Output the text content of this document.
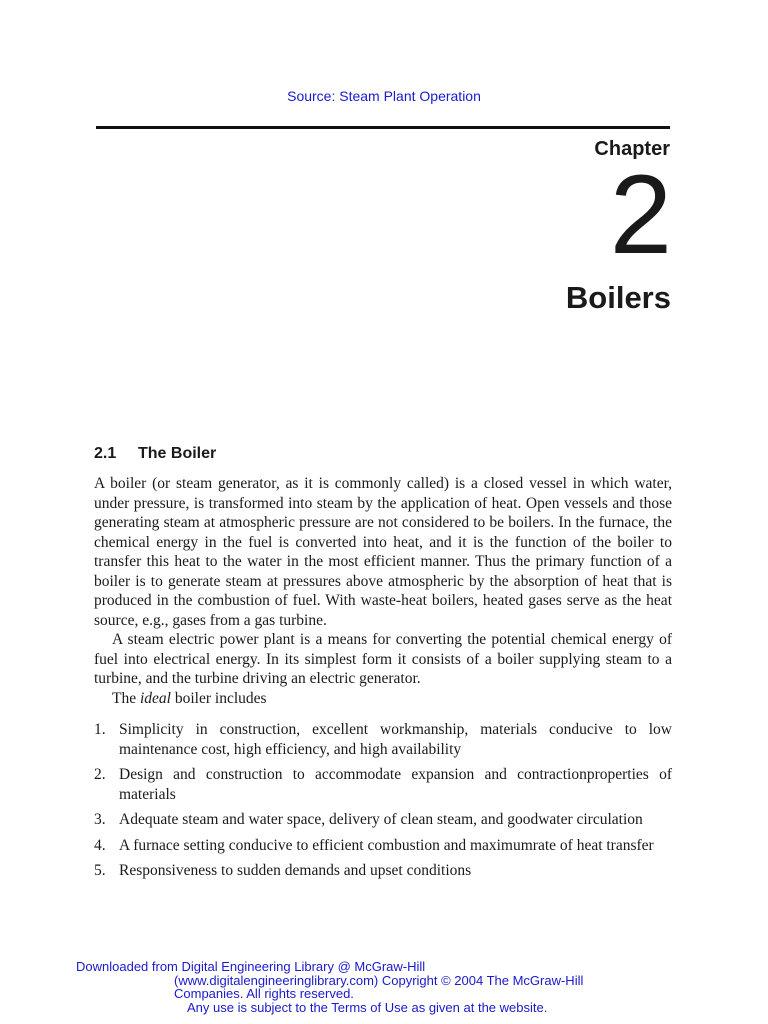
Source: Steam Plant Operation
Chapter
2
Boilers
2.1 The Boiler

A boiler (or steam generator, as it is commonly called) is a closed vessel in which water, under pressure, is transformed into steam by the application of heat. Open vessels and those generating steam at atmospheric pressure are not considered to be boilers. In the furnace, the chemical energy in the fuel is converted into heat, and it is the function of the boiler to transfer this heat to the water in the most efficient manner. Thus the primary function of a boiler is to generate steam at pressures above atmospheric by the absorption of heat that is produced in the combustion of fuel. With waste-heat boilers, heated gases serve as the heat source, e.g., gases from a gas turbine.

A steam electric power plant is a means for converting the potential chemical energy of fuel into electrical energy. In its simplest form it consists of a boiler supplying steam to a turbine, and the turbine driving an electric generator.

The ideal boiler includes

1. Simplicity in construction, excellent workmanship, materials conducive to low maintenance cost, high efficiency, and high availability
2. Design and construction to accommodate expansion and contractionproperties of materials
3. Adequate steam and water space, delivery of clean steam, and goodwater circulation
4. A furnace setting conducive to efficient combustion and maximumrate of heat transfer
5. Responsiveness to sudden demands and upset conditions
Downloaded from Digital Engineering Library @ McGraw-Hill
(www.digitalengineeringlibrary.com) Copyright © 2004 The McGraw-Hill
Companies. All rights reserved.
Any use is subject to the Terms of Use as given at the website.
